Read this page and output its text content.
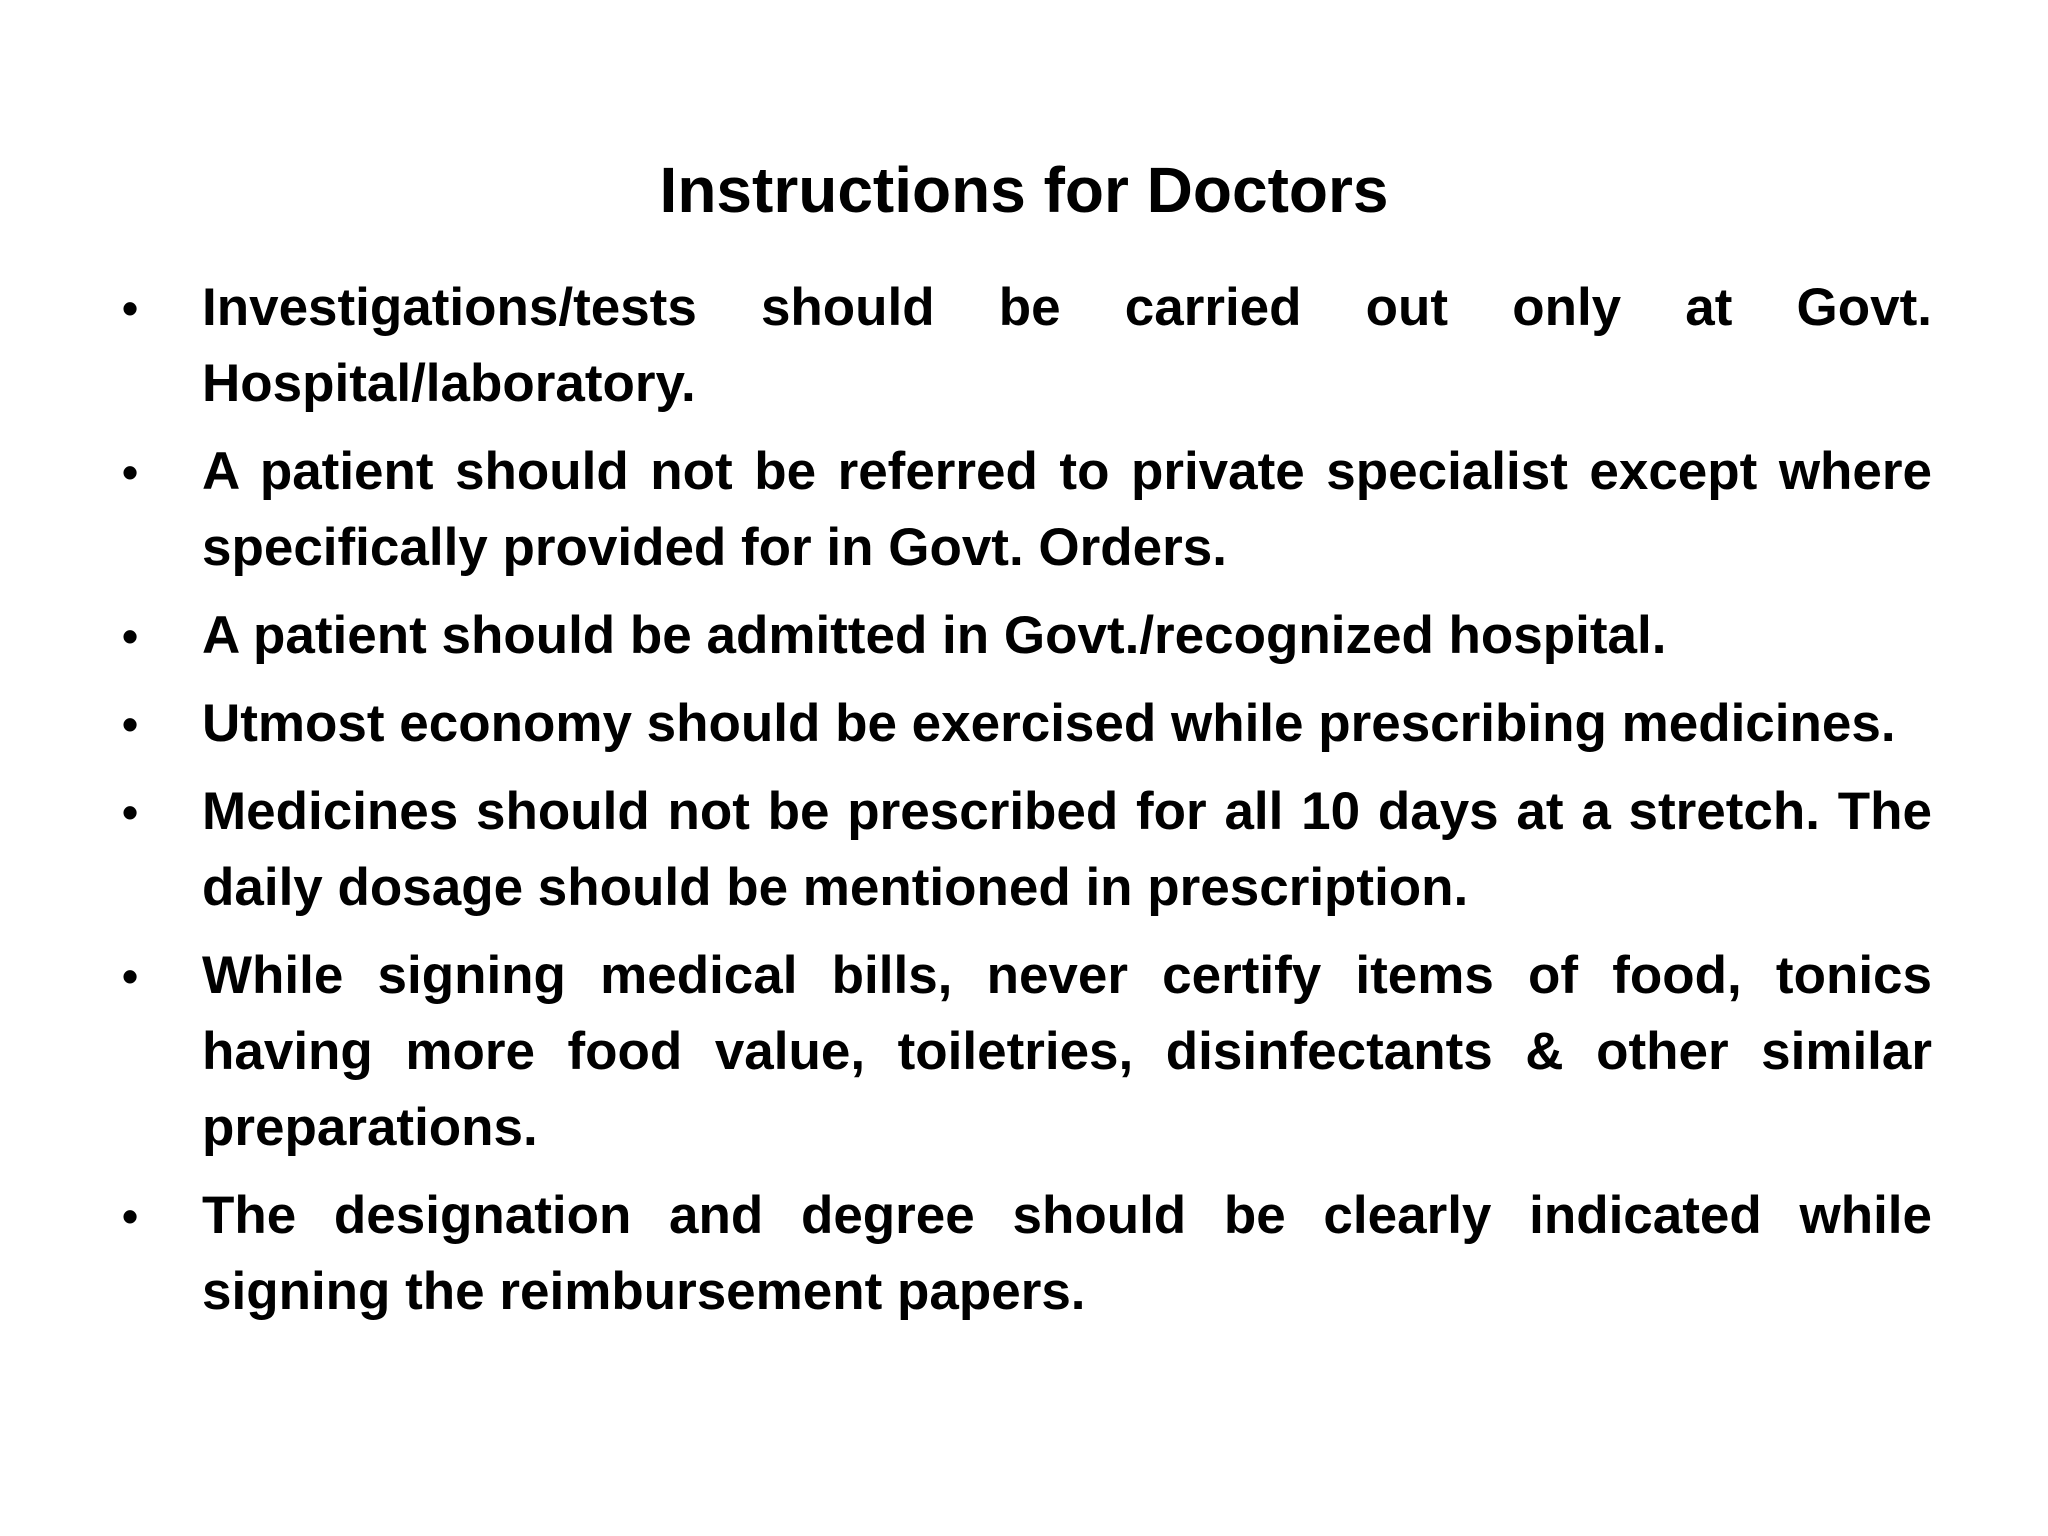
Instructions for Doctors
•	Investigations/tests should be carried out only at Govt. Hospital/laboratory.
•	A patient should not be referred to private specialist except where specifically provided for in Govt. Orders.
•	A patient should be admitted in Govt./recognized hospital.
•	Utmost economy should be exercised while prescribing medicines.
•	Medicines should not be prescribed for all 10 days at a stretch. The daily dosage should be mentioned in prescription.
•	While signing medical bills, never certify items of food, tonics having more food value, toiletries, disinfectants & other similar preparations.
•	The designation and degree should be clearly indicated while signing the reimbursement papers.
